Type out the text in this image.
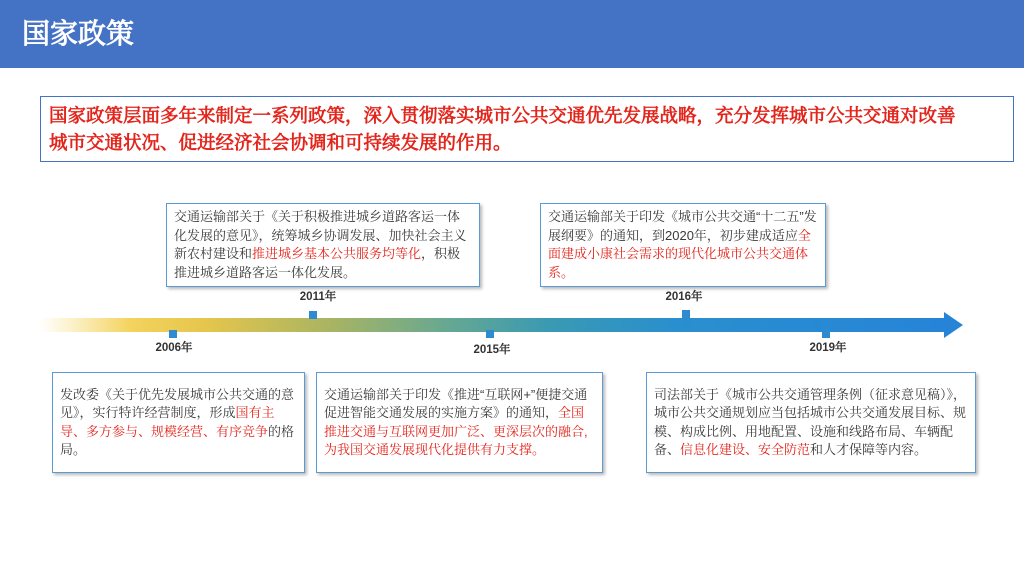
国家政策
国家政策层面多年来制定一系列政策，深入贯彻落实城市公共交通优先发展战略，充分发挥城市公共交通对改善
城市交通状况、促进经济社会协调和可持续发展的作用。
2006年
2011年
2015年
2016年
2019年

发改委《关于优先发展城市公共交通的意见》，实行特许经营制度，形成国有主导、多方参与、规模经营、有序竞争的格局。

交通运输部关于《关于积极推进城乡道路客运一体化发展的意见》，统筹城乡协调发展、加快社会主义新农村建设和推进城乡基本公共服务均等化，积极推进城乡道路客运一体化发展。

交通运输部关于印发《推进“互联网+”便捷交通 促进智能交通发展的实施方案》的通知，全国推进交通与互联网更加广泛、更深层次的融合,为我国交通发展现代化提供有力支撑。

交通运输部关于印发《城市公共交通“十二五”发展纲要》的通知，到2020年，初步建成适应全面建成小康社会需求的现代化城市公共交通体系。

司法部关于《城市公共交通管理条例（征求意见稿）》，城市公共交通规划应当包括城市公共交通发展目标、规模、构成比例、用地配置、设施和线路布局、车辆配备、信息化建设、安全防范和人才保障等内容。
